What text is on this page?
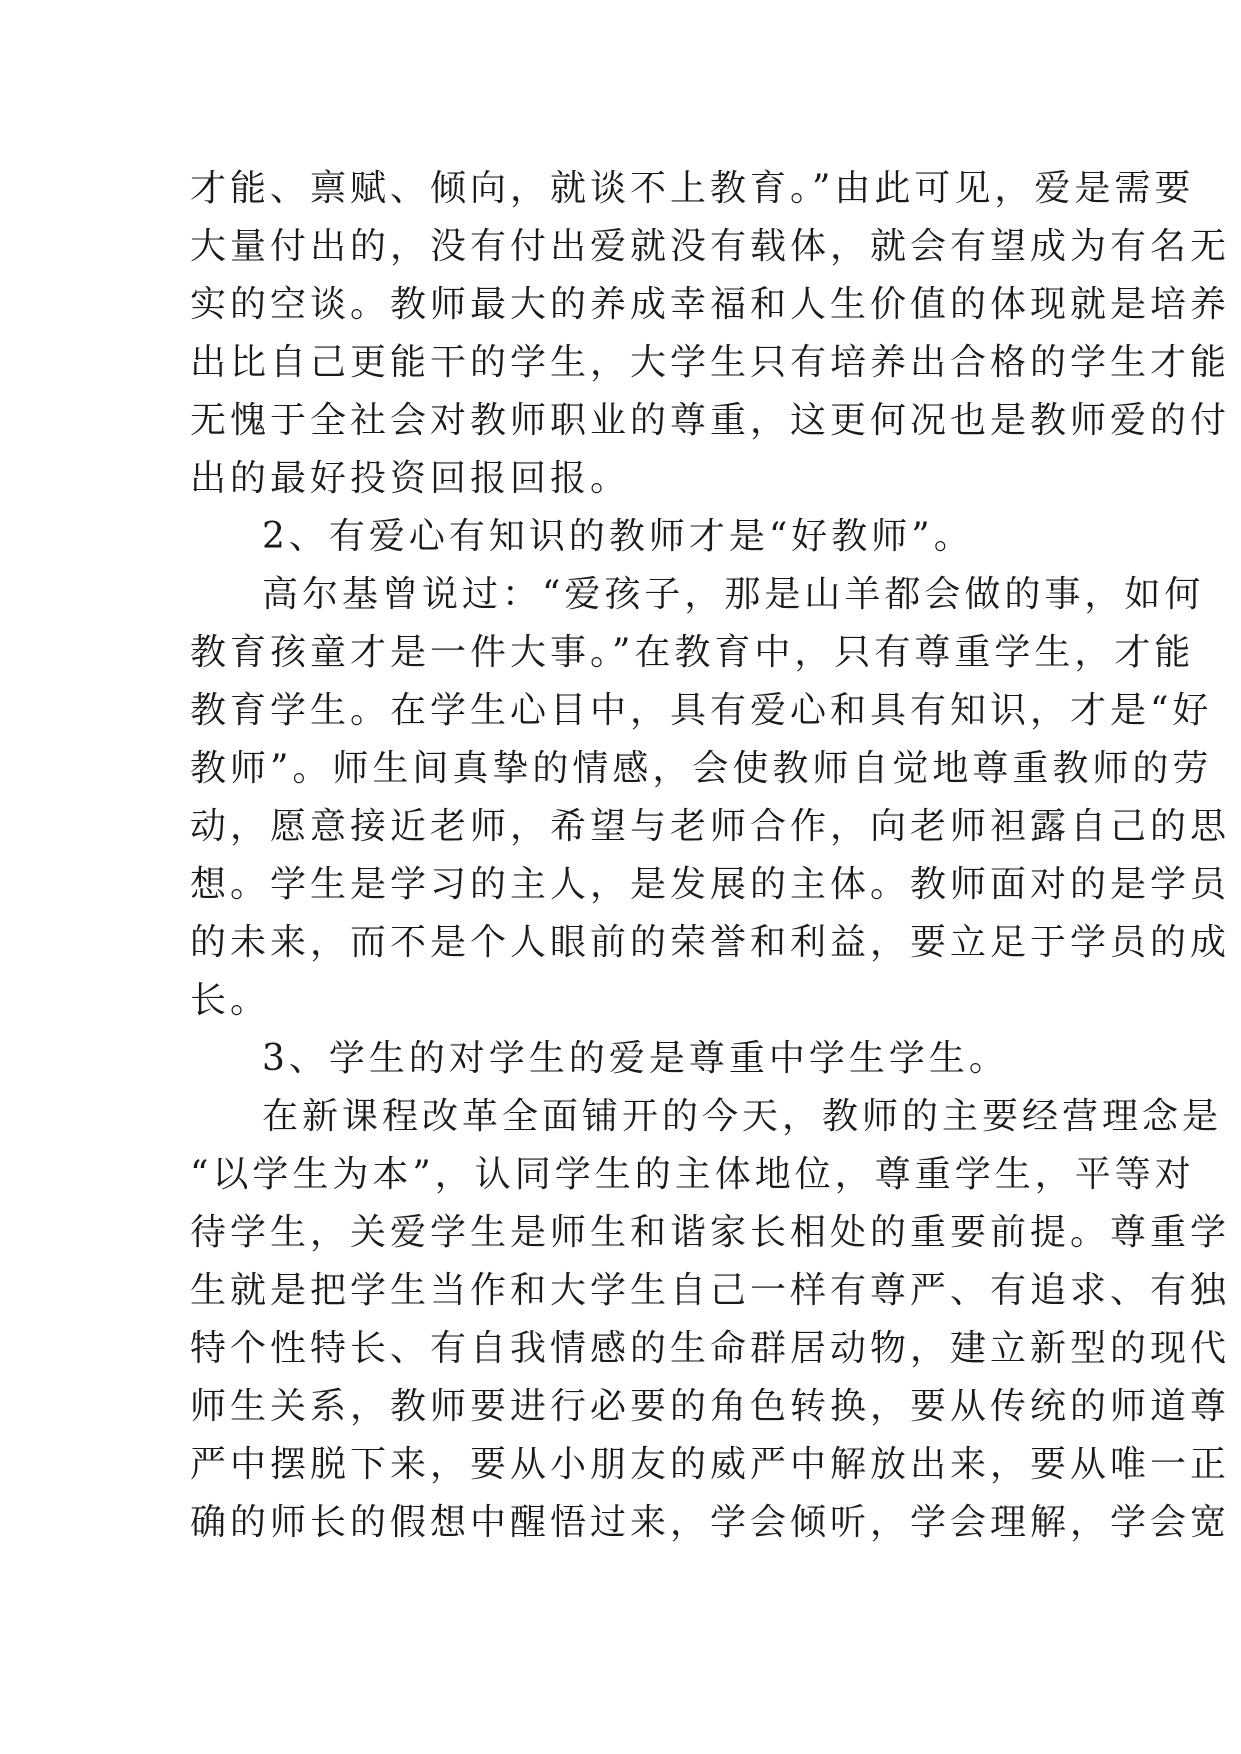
才能、禀赋、倾向，就谈不上教育。”由此可见，爱是需要
大量付出的，没有付出爱就没有载体，就会有望成为有名无
实的空谈。教师最大的养成幸福和人生价值的体现就是培养
出比自己更能干的学生，大学生只有培养出合格的学生才能
无愧于全社会对教师职业的尊重，这更何况也是教师爱的付
出的最好投资回报回报。
2、有爱心有知识的教师才是“好教师”。
高尔基曾说过：“爱孩子，那是山羊都会做的事，如何
教育孩童才是一件大事。”在教育中，只有尊重学生，才能
教育学生。在学生心目中，具有爱心和具有知识，才是“好
教师”。师生间真挚的情感，会使教师自觉地尊重教师的劳
动，愿意接近老师，希望与老师合作，向老师袒露自己的思
想。学生是学习的主人，是发展的主体。教师面对的是学员
的未来，而不是个人眼前的荣誉和利益，要立足于学员的成
长。
3、学生的对学生的爱是尊重中学生学生。
在新课程改革全面铺开的今天，教师的主要经营理念是
“以学生为本”，认同学生的主体地位，尊重学生，平等对
待学生，关爱学生是师生和谐家长相处的重要前提。尊重学
生就是把学生当作和大学生自己一样有尊严、有追求、有独
特个性特长、有自我情感的生命群居动物，建立新型的现代
师生关系，教师要进行必要的角色转换，要从传统的师道尊
严中摆脱下来，要从小朋友的威严中解放出来，要从唯一正
确的师长的假想中醒悟过来，学会倾听，学会理解，学会宽
